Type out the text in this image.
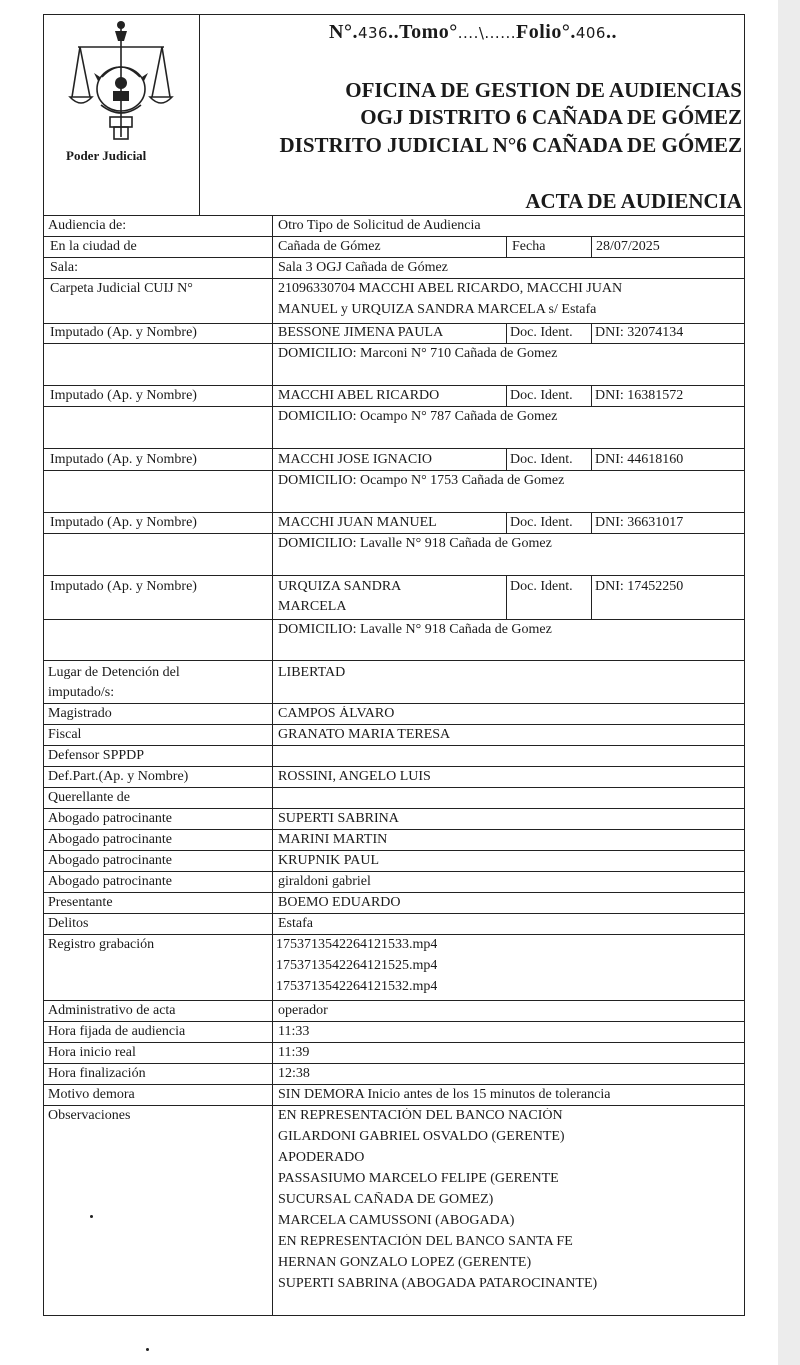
Poder Judicial
N°.436..Tomo°....\......Folio°.406..
OFICINA DE GESTION DE AUDIENCIAS
OGJ DISTRITO 6 CAÑADA DE GÓMEZ
DISTRITO JUDICIAL N°6 CAÑADA DE GÓMEZ
ACTA DE AUDIENCIA
Audiencia de:	Otro Tipo de Solicitud de Audiencia
En la ciudad de	Cañada de Gómez	Fecha	28/07/2025
Sala:	Sala 3 OGJ Cañada de Gómez
Carpeta Judicial CUIJ N°	21096330704 MACCHI ABEL RICARDO, MACCHI JUAN
MANUEL y URQUIZA SANDRA MARCELA s/ Estafa
Imputado (Ap. y Nombre)	BESSONE JIMENA PAULA	Doc. Ident. DNI: 32074134
DOMICILIO: Marconi N° 710 Cañada de Gomez
Imputado (Ap. y Nombre)	MACCHI ABEL RICARDO	Doc. Ident. DNI: 16381572
DOMICILIO: Ocampo N° 787 Cañada de Gomez
Imputado (Ap. y Nombre)	MACCHI JOSE IGNACIO	Doc. Ident. DNI: 44618160
DOMICILIO: Ocampo N° 1753 Cañada de Gomez
Imputado (Ap. y Nombre)	MACCHI JUAN MANUEL	Doc. Ident. DNI: 36631017
DOMICILIO: Lavalle N° 918 Cañada de Gomez
Imputado (Ap. y Nombre)	URQUIZA SANDRA
MARCELA
Doc. Ident. DNI: 17452250
DOMICILIO: Lavalle N° 918 Cañada de Gomez
Lugar de Detención del
imputado/s:
LIBERTAD
Magistrado	CAMPOS ÁLVARO
Fiscal	GRANATO MARIA TERESA
Defensor SPPDP
Def.Part.(Ap. y Nombre)	ROSSINI, ANGELO LUIS
Querellante de
Abogado patrocinante	SUPERTI SABRINA
Abogado patrocinante	MARINI MARTIN
Abogado patrocinante	KRUPNIK PAUL
Abogado patrocinante	giraldoni gabriel
Presentante	BOEMO EDUARDO
Delitos	Estafa
Registro grabación	1753713542264121533.mp4
1753713542264121525.mp4
1753713542264121532.mp4
Administrativo de acta	operador
Hora fijada de audiencia	11:33
Hora inicio real	11:39
Hora finalización	12:38
Motivo demora	SIN DEMORA Inicio antes de los 15 minutos de tolerancia
Observaciones	EN REPRESENTACIÓN DEL BANCO NACIÓN
GILARDONI GABRIEL OSVALDO (GERENTE)
APODERADO
PASSASIUMO MARCELO FELIPE (GERENTE
SUCURSAL CAÑADA DE GOMEZ)
MARCELA CAMUSSONI (ABOGADA)
EN REPRESENTACIÓN DEL BANCO SANTA FE
HERNAN GONZALO LOPEZ (GERENTE)
SUPERTI SABRINA (ABOGADA PATAROCINANTE)
